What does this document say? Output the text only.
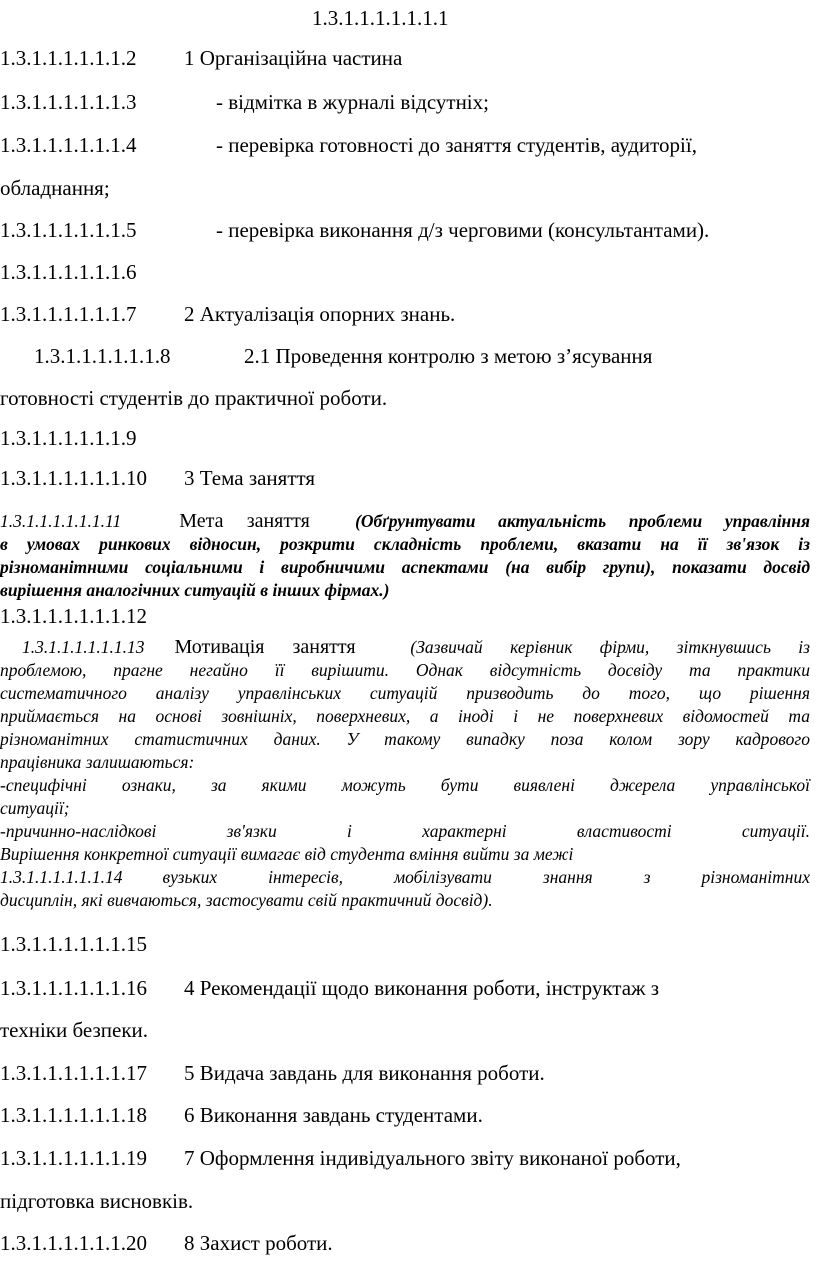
1.3.1.1.1.1.1.1.1
1.3.1.1.1.1.1.1.2 1 Організаційна частина
1.3.1.1.1.1.1.1.3	- відмітка в журналі відсутніх;
1.3.1.1.1.1.1.1.4	- перевірка готовності до заняття студентів, аудиторії,
обладнання;
1.3.1.1.1.1.1.1.5	- перевірка виконання д/з черговими (консультантами).
1.3.1.1.1.1.1.1.6
1.3.1.1.1.1.1.1.7 2 Актуалізація опорних знань.
1.3.1.1.1.1.1.1.8	2.1 Проведення контролю з метою з’ясування
готовності студентів до практичної роботи.
1.3.1.1.1.1.1.1.9
1.3.1.1.1.1.1.1.10 3 Тема заняття
1.3.1.1.1.1.1.1.11	Мета заняття	(Обґрунтувати актуальність проблеми управління
в умовах ринкових відносин, розкрити складність проблеми, вказати на її зв'язок із
різноманітними соціальними і виробничими аспектами (на вибір групи), показати досвід
вирішення аналогічних ситуацій в інших фірмах.)
1.3.1.1.1.1.1.1.12
1.3.1.1.1.1.1.1.13 Мотивація заняття	(Зазвичай керівник фірми, зіткнувшись із
проблемою, прагне негайно її вирішити. Однак відсутність досвіду та практики
систематичного аналізу управлінських ситуацій призводить до того, що рішення
приймається на основі зовнішніх, поверхневих, а іноді і не поверхневих відомостей та
різноманітних статистичних даних. У такому випадку поза колом зору кадрового
працівника залишаються:
-специфічні ознаки, за якими можуть бути виявлені джерела управлінської
ситуації;
-причинно-наслідкові зв'язки і характерні властивості ситуації.
Вирішення конкретної ситуації вимагає від студента вміння вийти за межі
1.3.1.1.1.1.1.1.14 вузьких інтересів, мобілізувати знання з різноманітних
дисциплін, які вивчаються, застосувати свій практичний досвід).
1.3.1.1.1.1.1.1.15
1.3.1.1.1.1.1.1.16 4 Рекомендації щодо виконання роботи, інструктаж з
техніки безпеки.
1.3.1.1.1.1.1.1.17 5 Видача завдань для виконання роботи.
1.3.1.1.1.1.1.1.18 6 Виконання завдань студентами.
1.3.1.1.1.1.1.1.19 7 Оформлення індивідуального звіту виконаної роботи,
підготовка висновків.
1.3.1.1.1.1.1.1.20 8 Захист роботи.
